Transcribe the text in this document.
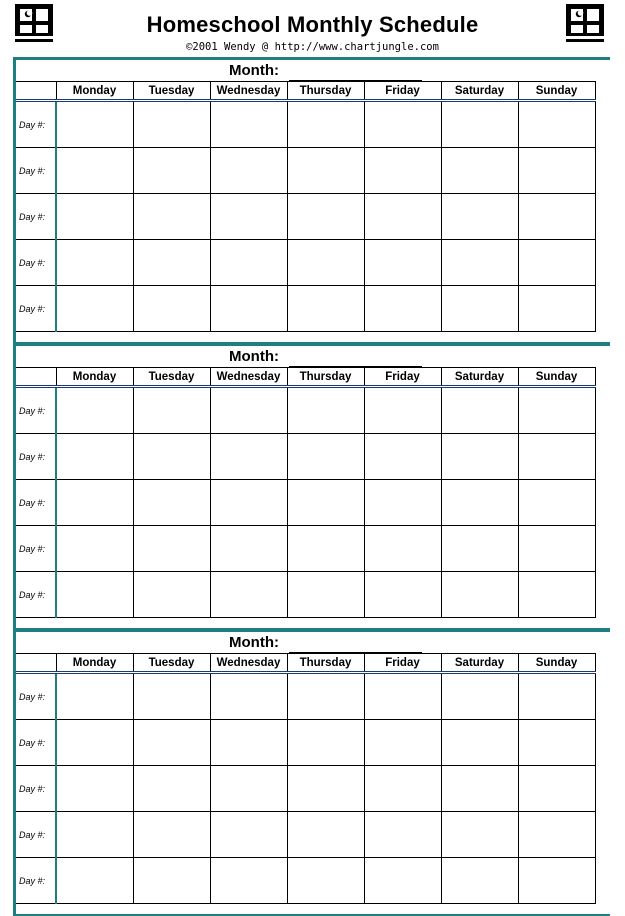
Homeschool Monthly Schedule
©2001 Wendy @ http://www.chartjungle.com
Month:
	Monday	Tuesday	Wednesday	Thursday	Friday	Saturday	Sunday
Day #:							
Day #:							
Day #:							
Day #:							
Day #:							
Month:
	Monday	Tuesday	Wednesday	Thursday	Friday	Saturday	Sunday
Day #:							
Day #:							
Day #:							
Day #:							
Day #:							
Month:
	Monday	Tuesday	Wednesday	Thursday	Friday	Saturday	Sunday
Day #:							
Day #:							
Day #:							
Day #:							
Day #:							
